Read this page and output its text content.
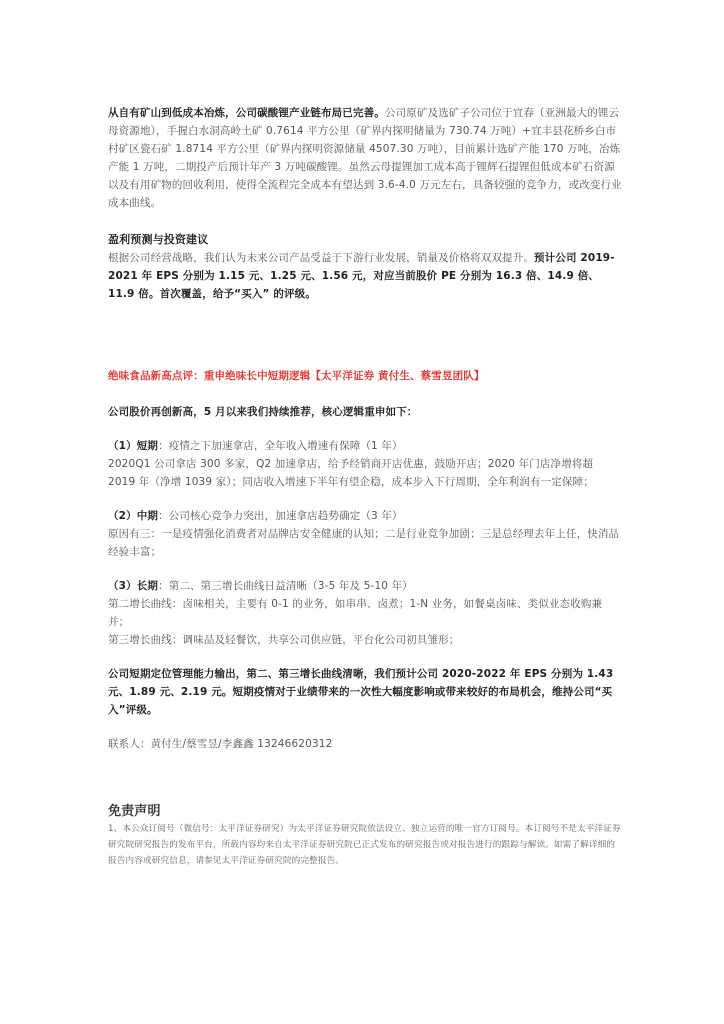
从自有矿山到低成本冶炼，公司碳酸锂产业链布局已完善。公司原矿及选矿子公司位于宜春（亚洲最大的锂云母资源地），手握白水洞高岭土矿 0.7614 平方公里（矿界内探明储量为 730.74 万吨）+宜丰县花桥乡白市村矿区瓷石矿 1.8714 平方公里（矿界内探明资源储量 4507.30 万吨），目前累计选矿产能 170 万吨，冶炼产能 1 万吨，二期投产后预计年产 3 万吨碳酸锂。虽然云母提锂加工成本高于锂辉石提锂但低成本矿石资源以及有用矿物的回收利用，使得全流程完全成本有望达到 3.6-4.0 万元左右，具备较强的竞争力，或改变行业成本曲线。

盈利预测与投资建议

根据公司经营战略，我们认为未来公司产品受益于下游行业发展，销量及价格将双双提升。预计公司 2019-2021 年 EPS 分别为 1.15 元、1.25 元、1.56 元，对应当前股价 PE 分别为 16.3 倍、14.9 倍、11.9 倍。首次覆盖，给予“买入” 的评级。

绝味食品新高点评：重申绝味长中短期逻辑【太平洋证券 黄付生、蔡雪昱团队】

公司股价再创新高，5 月以来我们持续推荐，核心逻辑重申如下：

（1）短期：疫情之下加速拿店，全年收入增速有保障（1 年）

2020Q1 公司拿店 300 多家，Q2 加速拿店，给予经销商开店优惠，鼓励开店；2020 年门店净增将超 2019 年（净增 1039 家）；同店收入增速下半年有望企稳，成本步入下行周期，全年利润有一定保障；

（2）中期：公司核心竞争力突出，加速拿店趋势确定（3 年）

原因有三：一是疫情强化消费者对品牌店安全健康的认知；二是行业竞争加剧；三是总经理去年上任，快消品经验丰富；

（3）长期：第二、第三增长曲线日益清晰（3-5 年及 5-10 年）

第二增长曲线：卤味相关，主要有 0-1 的业务，如串串、卤煮；1-N 业务，如餐桌卤味、类似业态收购兼并；

第三增长曲线：调味品及轻餐饮，共享公司供应链，平台化公司初具雏形；

公司短期定位管理能力输出，第二、第三增长曲线清晰，我们预计公司 2020-2022 年 EPS 分别为 1.43 元、1.89 元、2.19 元。短期疫情对于业绩带来的一次性大幅度影响或带来较好的布局机会，维持公司“买入”评级。

联系人：黄付生/蔡雪昱/李鑫鑫 13246620312

免责声明

1、本公众订阅号（微信号：太平洋证券研究）为太平洋证券研究院依法设立、独立运营的唯一官方订阅号。本订阅号不是太平洋证券研究院研究报告的发布平台，所载内容均来自太平洋证券研究院已正式发布的研究报告或对报告进行的跟踪与解读。如需了解详细的报告内容或研究信息，请参见太平洋证券研究院的完整报告。
